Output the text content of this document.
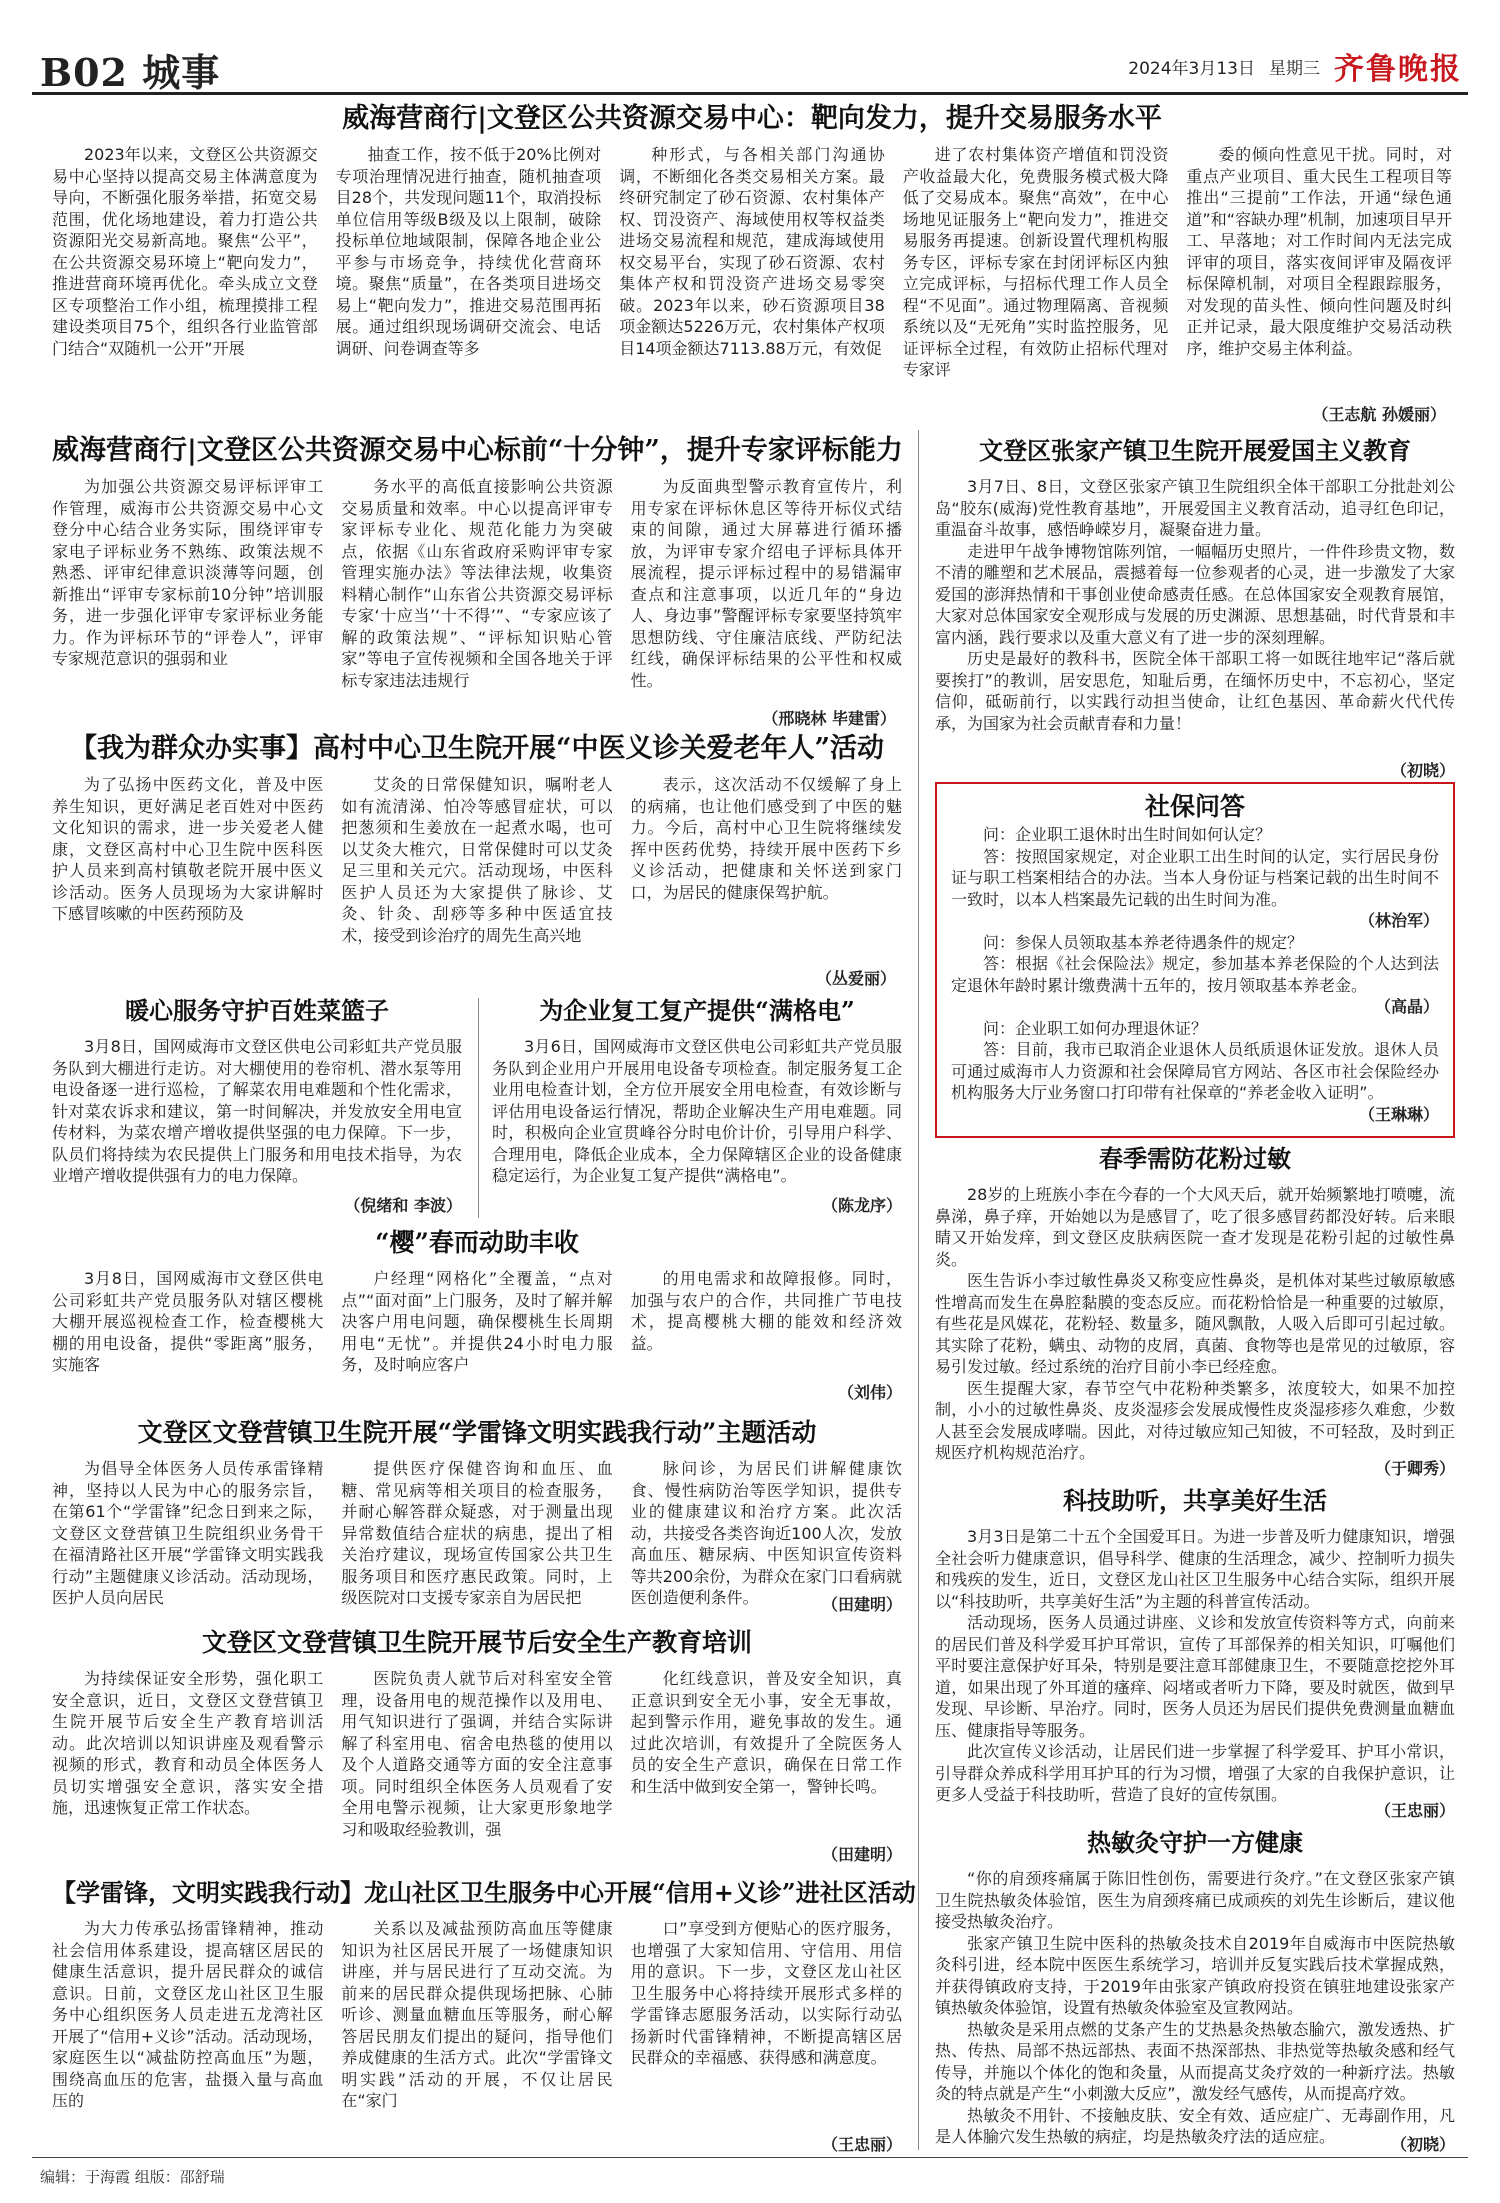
B02 城事	2024年3月13日 星期三 齐鲁晚报
威海营商行|文登区公共资源交易中心：靶向发力，提升交易服务水平
2023年以来，文登区公共资源交易中心坚持以提高交易主体满意度为导向，不断强化服务举措，拓宽交易范围，优化场地建设，着力打造公共资源阳光交易新高地。聚焦“公平”，在公共资源交易环境上“靶向发力”，推进营商环境再优化。牵头成立文登区专项整治工作小组，梳理摸排工程建设类项目75个，组织各行业监管部门结合“双随机一公开”开展
抽查工作，按不低于20%比例对专项治理情况进行抽查，随机抽查项目28个，共发现问题11个，取消投标单位信用等级B级及以上限制，破除投标单位地域限制，保障各地企业公平参与市场竞争，持续优化营商环境。聚焦“质量”，在各类项目进场交易上“靶向发力”，推进交易范围再拓展。通过组织现场调研交流会、电话调研、问卷调查等多
种形式，与各相关部门沟通协调，不断细化各类交易相关方案。最终研究制定了砂石资源、农村集体产权、罚没资产、海域使用权等权益类进场交易流程和规范，建成海域使用权交易平台，实现了砂石资源、农村集体产权和罚没资产进场交易零突破。2023年以来，砂石资源项目38项金额达5226万元，农村集体产权项目14项金额达7113.88万元，有效促
进了农村集体资产增值和罚没资产收益最大化，免费服务模式极大降低了交易成本。聚焦“高效”，在中心场地见证服务上“靶向发力”，推进交易服务再提速。创新设置代理机构服务专区，评标专家在封闭评标区内独立完成评标，与招标代理工作人员全程“不见面”。通过物理隔离、音视频系统以及“无死角”实时监控服务，见证评标全过程，有效防止招标代理对专家评
委的倾向性意见干扰。同时，对重点产业项目、重大民生工程项目等推出“三提前”工作法，开通“绿色通道”和“容缺办理”机制，加速项目早开工、早落地；对工作时间内无法完成评审的项目，落实夜间评审及隔夜评标保障机制，对项目全程跟踪服务，对发现的苗头性、倾向性问题及时纠正并记录，最大限度维护交易活动秩序，维护交易主体利益。
（王志航 孙媛丽）
威海营商行|文登区公共资源交易中心标前“十分钟”，提升专家评标能力
为加强公共资源交易评标评审工作管理，威海市公共资源交易中心文登分中心结合业务实际，围绕评审专家电子评标业务不熟练、政策法规不熟悉、评审纪律意识淡薄等问题，创新推出“评审专家标前10分钟”培训服务，进一步强化评审专家评标业务能力。作为评标环节的“评卷人”，评审专家规范意识的强弱和业
务水平的高低直接影响公共资源交易质量和效率。中心以提高评审专家评标专业化、规范化能力为突破点，依据《山东省政府采购评审专家管理实施办法》等法律法规，收集资料精心制作“山东省公共资源交易评标专家‘十应当’‘十不得’”、“专家应该了解的政策法规”、“评标知识贴心管家”等电子宣传视频和全国各地关于评标专家违法违规行
为反面典型警示教育宣传片，利用专家在评标休息区等待开标仪式结束的间隙，通过大屏幕进行循环播放，为评审专家介绍电子评标具体开展流程，提示评标过程中的易错漏审查点和注意事项，以近几年的“身边人、身边事”警醒评标专家要坚持筑牢思想防线、守住廉洁底线、严防纪法红线，确保评标结果的公平性和权威性。
（邢晓林 毕建雷）
【我为群众办实事】高村中心卫生院开展“中医义诊关爱老年人”活动
为了弘扬中医药文化，普及中医养生知识，更好满足老百姓对中医药文化知识的需求，进一步关爱老人健康，文登区高村中心卫生院中医科医护人员来到高村镇敬老院开展中医义诊活动。医务人员现场为大家讲解时下感冒咳嗽的中医药预防及
艾灸的日常保健知识，嘱咐老人如有流清涕、怕冷等感冒症状，可以把葱须和生姜放在一起煮水喝，也可以艾灸大椎穴，日常保健时可以艾灸足三里和关元穴。活动现场，中医科医护人员还为大家提供了脉诊、艾灸、针灸、刮痧等多种中医适宜技术，接受到诊治疗的周先生高兴地
表示，这次活动不仅缓解了身上的病痛，也让他们感受到了中医的魅力。今后，高村中心卫生院将继续发挥中医药优势，持续开展中医药下乡义诊活动，把健康和关怀送到家门口，为居民的健康保驾护航。
（丛爱丽）
暖心服务守护百姓菜篮子
3月8日，国网威海市文登区供电公司彩虹共产党员服务队到大棚进行走访。对大棚使用的卷帘机、潜水泵等用电设备逐一进行巡检，了解菜农用电难题和个性化需求，针对菜农诉求和建议，第一时间解决，并发放安全用电宣传材料，为菜农增产增收提供坚强的电力保障。下一步，队员们将持续为农民提供上门服务和用电技术指导，为农业增产增收提供强有力的电力保障。
（倪绪和 李波）
为企业复工复产提供“满格电”
3月6日，国网威海市文登区供电公司彩虹共产党员服务队到企业用户开展用电设备专项检查。制定服务复工企业用电检查计划，全方位开展安全用电检查，有效诊断与评估用电设备运行情况，帮助企业解决生产用电难题。同时，积极向企业宣贯峰谷分时电价计价，引导用户科学、合理用电，降低企业成本，全力保障辖区企业的设备健康稳定运行，为企业复工复产提供“满格电”。
（陈龙序）
“樱”春而动助丰收
3月8日，国网威海市文登区供电公司彩虹共产党员服务队对辖区樱桃大棚开展巡视检查工作，检查樱桃大棚的用电设备，提供“零距离”服务，实施客
户经理“网格化”全覆盖，“点对点”“面对面”上门服务，及时了解并解决客户用电问题，确保樱桃生长周期用电“无忧”。并提供24小时电力服务，及时响应客户
的用电需求和故障报修。同时，加强与农户的合作，共同推广节电技术，提高樱桃大棚的能效和经济效益。
（刘伟）
文登区文登营镇卫生院开展“学雷锋文明实践我行动”主题活动
为倡导全体医务人员传承雷锋精神，坚持以人民为中心的服务宗旨，在第61个“学雷锋”纪念日到来之际，文登区文登营镇卫生院组织业务骨干在福清路社区开展“学雷锋文明实践我行动”主题健康义诊活动。活动现场，医护人员向居民
提供医疗保健咨询和血压、血糖、常见病等相关项目的检查服务，并耐心解答群众疑惑，对于测量出现异常数值结合症状的病患，提出了相关治疗建议，现场宣传国家公共卫生服务项目和医疗惠民政策。同时，上级医院对口支援专家亲自为居民把
脉问诊，为居民们讲解健康饮食、慢性病防治等医学知识，提供专业的健康建议和治疗方案。此次活动，共接受各类咨询近100人次，发放高血压、糖尿病、中医知识宣传资料等共200余份，为群众在家门口看病就医创造便利条件。	（田建明）
文登区文登营镇卫生院开展节后安全生产教育培训
为持续保证安全形势，强化职工安全意识，近日，文登区文登营镇卫生院开展节后安全生产教育培训活动。此次培训以知识讲座及观看警示视频的形式，教育和动员全体医务人员切实增强安全意识，落实安全措施，迅速恢复正常工作状态。
医院负责人就节后对科室安全管理，设备用电的规范操作以及用电、用气知识进行了强调，并结合实际讲解了科室用电、宿舍电热毯的使用以及个人道路交通等方面的安全注意事项。同时组织全体医务人员观看了安全用电警示视频，让大家更形象地学习和吸取经验教训，强
化红线意识，普及安全知识，真正意识到安全无小事，安全无事故，起到警示作用，避免事故的发生。通过此次培训，有效提升了全院医务人员的安全生产意识，确保在日常工作和生活中做到安全第一，警钟长鸣。
（田建明）
【学雷锋，文明实践我行动】龙山社区卫生服务中心开展“信用+义诊”进社区活动
为大力传承弘扬雷锋精神，推动社会信用体系建设，提高辖区居民的健康生活意识，提升居民群众的诚信意识。日前，文登区龙山社区卫生服务中心组织医务人员走进五龙湾社区开展了“信用+义诊”活动。活动现场，家庭医生以“减盐防控高血压”为题，围绕高血压的危害，盐摄入量与高血压的
关系以及减盐预防高血压等健康知识为社区居民开展了一场健康知识讲座，并与居民进行了互动交流。为前来的居民群众提供现场把脉、心肺听诊、测量血糖血压等服务，耐心解答居民朋友们提出的疑问，指导他们养成健康的生活方式。此次“学雷锋文明实践”活动的开展，不仅让居民在“家门
口”享受到方便贴心的医疗服务，也增强了大家知信用、守信用、用信用的意识。下一步，文登区龙山社区卫生服务中心将持续开展形式多样的学雷锋志愿服务活动，以实际行动弘扬新时代雷锋精神，不断提高辖区居民群众的幸福感、获得感和满意度。
（王忠丽）
文登区张家产镇卫生院开展爱国主义教育

3月7日、8日，文登区张家产镇卫生院组织全体干部职工分批赴刘公岛“胶东(威海)党性教育基地”，开展爱国主义教育活动，追寻红色印记，重温奋斗故事，感悟峥嵘岁月，凝聚奋进力量。

走进甲午战争博物馆陈列馆，一幅幅历史照片，一件件珍贵文物，数不清的雕塑和艺术展品，震撼着每一位参观者的心灵，进一步激发了大家爱国的澎湃热情和干事创业使命感责任感。在总体国家安全观教育展馆，大家对总体国家安全观形成与发展的历史渊源、思想基础，时代背景和丰富内涵，践行要求以及重大意义有了进一步的深刻理解。

历史是最好的教科书，医院全体干部职工将一如既往地牢记“落后就要挨打”的教训，居安思危，知耻后勇，在缅怀历史中，不忘初心，坚定信仰，砥砺前行，以实践行动担当使命，让红色基因、革命薪火代代传承，为国家为社会贡献青春和力量！

（初晓）
社保问答

问：企业职工退休时出生时间如何认定？

答：按照国家规定，对企业职工出生时间的认定，实行居民身份证与职工档案相结合的办法。当本人身份证与档案记载的出生时间不一致时，以本人档案最先记载的出生时间为准。

（林治军）

问：参保人员领取基本养老待遇条件的规定？

答：根据《社会保险法》规定，参加基本养老保险的个人达到法定退休年龄时累计缴费满十五年的，按月领取基本养老金。

（高晶）

问：企业职工如何办理退休证？

答：目前，我市已取消企业退休人员纸质退休证发放。退休人员可通过威海市人力资源和社会保障局官方网站、各区市社会保险经办机构服务大厅业务窗口打印带有社保章的“养老金收入证明”。

（王琳琳）

春季需防花粉过敏

28岁的上班族小李在今春的一个大风天后，就开始频繁地打喷嚏，流鼻涕，鼻子痒，开始她以为是感冒了，吃了很多感冒药都没好转。后来眼睛又开始发痒，到文登区皮肤病医院一查才发现是花粉引起的过敏性鼻炎。

医生告诉小李过敏性鼻炎又称变应性鼻炎，是机体对某些过敏原敏感性增高而发生在鼻腔黏膜的变态反应。而花粉恰恰是一种重要的过敏原，有些花是风媒花，花粉轻、数量多，随风飘散，人吸入后即可引起过敏。其实除了花粉，螨虫、动物的皮屑，真菌、食物等也是常见的过敏原，容易引发过敏。经过系统的治疗目前小李已经痊愈。

医生提醒大家，春节空气中花粉种类繁多，浓度较大，如果不加控制，小小的过敏性鼻炎、皮炎湿疹会发展成慢性皮炎湿疹疹久难愈，少数人甚至会发展成哮喘。因此，对待过敏应知己知彼，不可轻敌，及时到正规医疗机构规范治疗。

（于卿秀）
科技助听，共享美好生活

3月3日是第二十五个全国爱耳日。为进一步普及听力健康知识，增强全社会听力健康意识，倡导科学、健康的生活理念，减少、控制听力损失和残疾的发生，近日，文登区龙山社区卫生服务中心结合实际，组织开展以“科技助听，共享美好生活”为主题的科普宣传活动。

活动现场，医务人员通过讲座、义诊和发放宣传资料等方式，向前来的居民们普及科学爱耳护耳常识，宣传了耳部保养的相关知识，叮嘱他们平时要注意保护好耳朵，特别是要注意耳部健康卫生，不要随意挖挖外耳道，如果出现了外耳道的瘙痒、闷堵或者听力下降，要及时就医，做到早发现、早诊断、早治疗。同时，医务人员还为居民们提供免费测量血糖血压、健康指导等服务。

此次宣传义诊活动，让居民们进一步掌握了科学爱耳、护耳小常识，引导群众养成科学用耳护耳的行为习惯，增强了大家的自我保护意识，让更多人受益于科技助听，营造了良好的宣传氛围。

（王忠丽）
热敏灸守护一方健康

“你的肩颈疼痛属于陈旧性创伤，需要进行灸疗。”在文登区张家产镇卫生院热敏灸体验馆，医生为肩颈疼痛已成顽疾的刘先生诊断后，建议他接受热敏灸治疗。

张家产镇卫生院中医科的热敏灸技术自2019年自威海市中医院热敏灸科引进，经本院中医医生系统学习，培训并反复实践后技术掌握成熟，并获得镇政府支持，于2019年由张家产镇政府投资在镇驻地建设张家产镇热敏灸体验馆，设置有热敏灸体验室及宣教网站。

热敏灸是采用点燃的艾条产生的艾热悬灸热敏态腧穴，激发透热、扩热、传热、局部不热远部热、表面不热深部热、非热觉等热敏灸感和经气传导，并施以个体化的饱和灸量，从而提高艾灸疗效的一种新疗法。热敏灸的特点就是产生“小刺激大反应”，激发经气感传，从而提高疗效。

热敏灸不用针、不接触皮肤、安全有效、适应症广、无毒副作用，凡是人体腧穴发生热敏的病症，均是热敏灸疗法的适应症。	（初晓）
编辑：于海霞 组版：邵舒瑞
